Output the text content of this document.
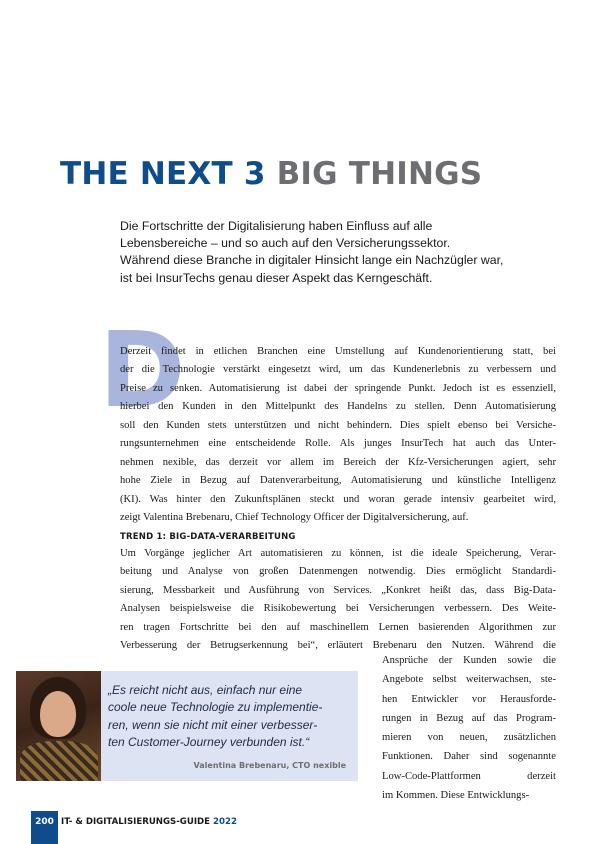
THE NEXT 3 BIG THINGS
Die Fortschritte der Digitalisierung haben Einfluss auf alle
Lebensbereiche – und so auch auf den Versicherungssektor.
Während diese Branche in digitaler Hinsicht lange ein Nachzügler war,
ist bei InsurTechs genau dieser Aspekt das Kerngeschäft.
D
Derzeit findet in etlichen Branchen eine Umstellung auf Kundenorientierung statt, bei
der die Technologie verstärkt eingesetzt wird, um das Kundenerlebnis zu verbessern und
Preise zu senken. Automatisierung ist dabei der springende Punkt. Jedoch ist es essenziell,
hierbei den Kunden in den Mittelpunkt des Handelns zu stellen. Denn Automatisierung
soll den Kunden stets unterstützen und nicht behindern. Dies spielt ebenso bei Versiche-
rungsunternehmen eine entscheidende Rolle. Als junges InsurTech hat auch das Unter-
nehmen nexible, das derzeit vor allem im Bereich der Kfz-Versicherungen agiert, sehr
hohe Ziele in Bezug auf Datenverarbeitung, Automatisierung und künstliche Intelligenz
(KI). Was hinter den Zukunftsplänen steckt und woran gerade intensiv gearbeitet wird,
zeigt Valentina Brebenaru, Chief Technology Officer der Digitalversicherung, auf.
TREND 1: BIG-DATA-VERARBEITUNG
Um Vorgänge jeglicher Art automatisieren zu können, ist die ideale Speicherung, Verar-
beitung und Analyse von großen Datenmengen notwendig. Dies ermöglicht Standardi-
sierung, Messbarkeit und Ausführung von Services. „Konkret heißt das, dass Big-Data-
Analysen beispielsweise die Risikobewertung bei Versicherungen verbessern. Des Weite-
ren tragen Fortschritte bei den auf maschinellem Lernen basierenden Algorithmen zur
Verbesserung der Betrugserkennung bei“, erläutert Brebenaru den Nutzen. Während die
Ansprüche der Kunden sowie die
Angebote selbst weiterwachsen, ste-
hen Entwickler vor Herausforde-
rungen in Bezug auf das Program-
mieren von neuen, zusätzlichen
Funktionen. Daher sind sogenannte
Low-Code-Plattformen derzeit
im Kommen. Diese Entwicklungs-
„Es reicht nicht aus, einfach nur eine
coole neue Technologie zu implementie-
ren, wenn sie nicht mit einer verbesser-
ten Customer-Journey verbunden ist.“
Valentina Brebenaru, CTO nexible
200 IT- & DIGITALISIERUNGS-GUIDE 2022
